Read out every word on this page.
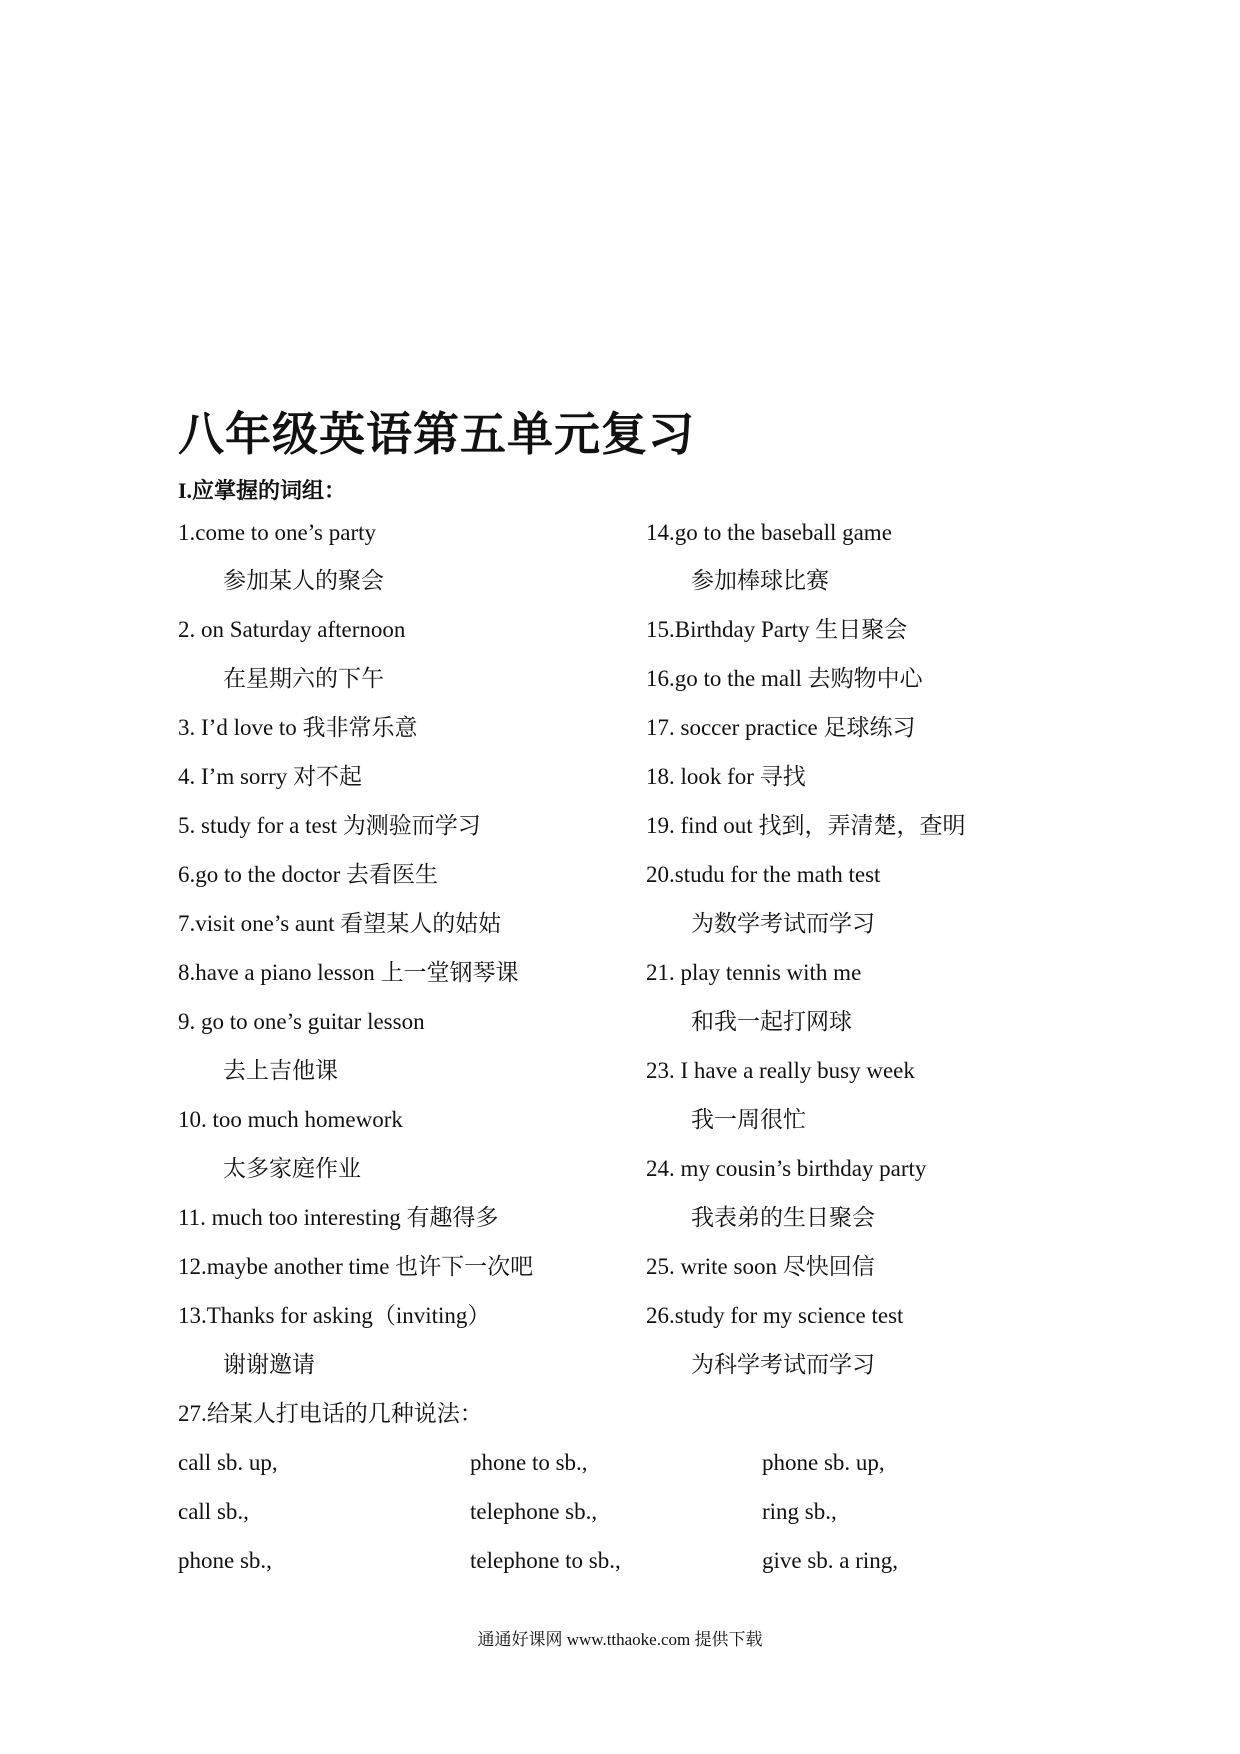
八年级英语第五单元复习
I.应掌握的词组：
1.come to one’s party
参加某人的聚会
2. on Saturday afternoon
在星期六的下午
3. I’d love to 我非常乐意
4. I’m sorry 对不起
5. study for a test 为测验而学习
6.go to the doctor 去看医生
7.visit one’s aunt 看望某人的姑姑
8.have a piano lesson 上一堂钢琴课
9. go to one’s guitar lesson
去上吉他课
10. too much homework
太多家庭作业
11. much too interesting 有趣得多
12.maybe another time 也许下一次吧
13.Thanks for asking（inviting）
谢谢邀请
14.go to the baseball game
参加棒球比赛
15.Birthday Party 生日聚会
16.go to the mall 去购物中心
17. soccer practice 足球练习
18. look for 寻找
19. find out 找到，弄清楚，查明
20.studu for the math test
为数学考试而学习
21. play tennis with me
和我一起打网球
23. I have a really busy week
我一周很忙
24. my cousin’s birthday party
我表弟的生日聚会
25. write soon 尽快回信
26.study for my science test
为科学考试而学习
27.给某人打电话的几种说法：
call sb. up,	phone to sb.,	phone sb. up,
call sb.,	telephone sb.,	ring sb.,
phone sb.,	telephone to sb.,	give sb. a ring,
通通好课网 www.tthaoke.com 提供下载
